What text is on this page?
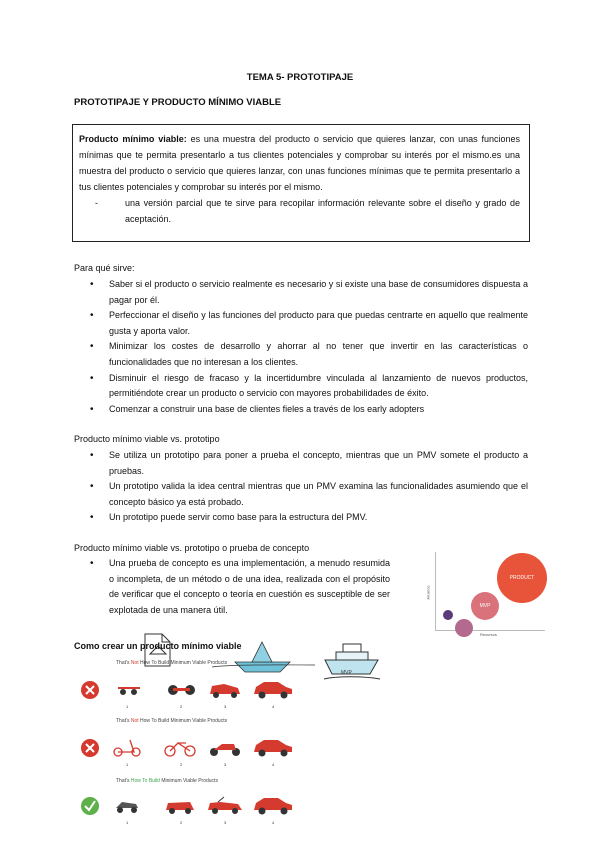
TEMA 5- PROTOTIPAJE
PROTOTIPAJE Y PRODUCTO MÍNIMO VIABLE
Producto mínimo viable: es una muestra del producto o servicio que quieres lanzar, con unas funciones mínimas que te permita presentarlo a tus clientes potenciales y comprobar su interés por el mismo.es una muestra del producto o servicio que quieres lanzar, con unas funciones mínimas que te permita presentarlo a tus clientes potenciales y comprobar su interés por el mismo.
-	una versión parcial que te sirve para recopilar información relevante sobre el diseño y grado de aceptación.
Para qué sirve:
• Saber si el producto o servicio realmente es necesario y si existe una base de consumidores dispuesta a pagar por él.
• Perfeccionar el diseño y las funciones del producto para que puedas centrarte en aquello que realmente gusta y aporta valor.
• Minimizar los costes de desarrollo y ahorrar al no tener que invertir en las características o funcionalidades que no interesan a los clientes.
• Disminuir el riesgo de fracaso y la incertidumbre vinculada al lanzamiento de nuevos productos, permitiéndote crear un producto o servicio con mayores probabilidades de éxito.
• Comenzar a construir una base de clientes fieles a través de los early adopters
Producto mínimo viable vs. prototipo
• Se utiliza un prototipo para poner a prueba el concepto, mientras que un PMV somete el producto a pruebas.
• Un prototipo valida la idea central mientras que un PMV examina las funcionalidades asumiendo que el concepto básico ya está probado.
• Un prototipo puede servir como base para la estructura del PMV.
Producto mínimo viable vs. prototipo o prueba de concepto
• Una prueba de concepto es una implementación, a menudo resumida o incompleta, de un método o de una idea, realizada con el propósito de verificar que el concepto o teoría en cuestión es susceptible de ser explotada de una manera útil.
Alcance
Recursos
PRODUCT
MVP
MVP
Como crear un producto mínimo viable
That's Not How To Build Minimum Viable Products
1	2	3	4
That's Not How To Build Minimum Viable Products
1	2	3	4
That's How To Build Minimum Viable Products
1	2	3	4
